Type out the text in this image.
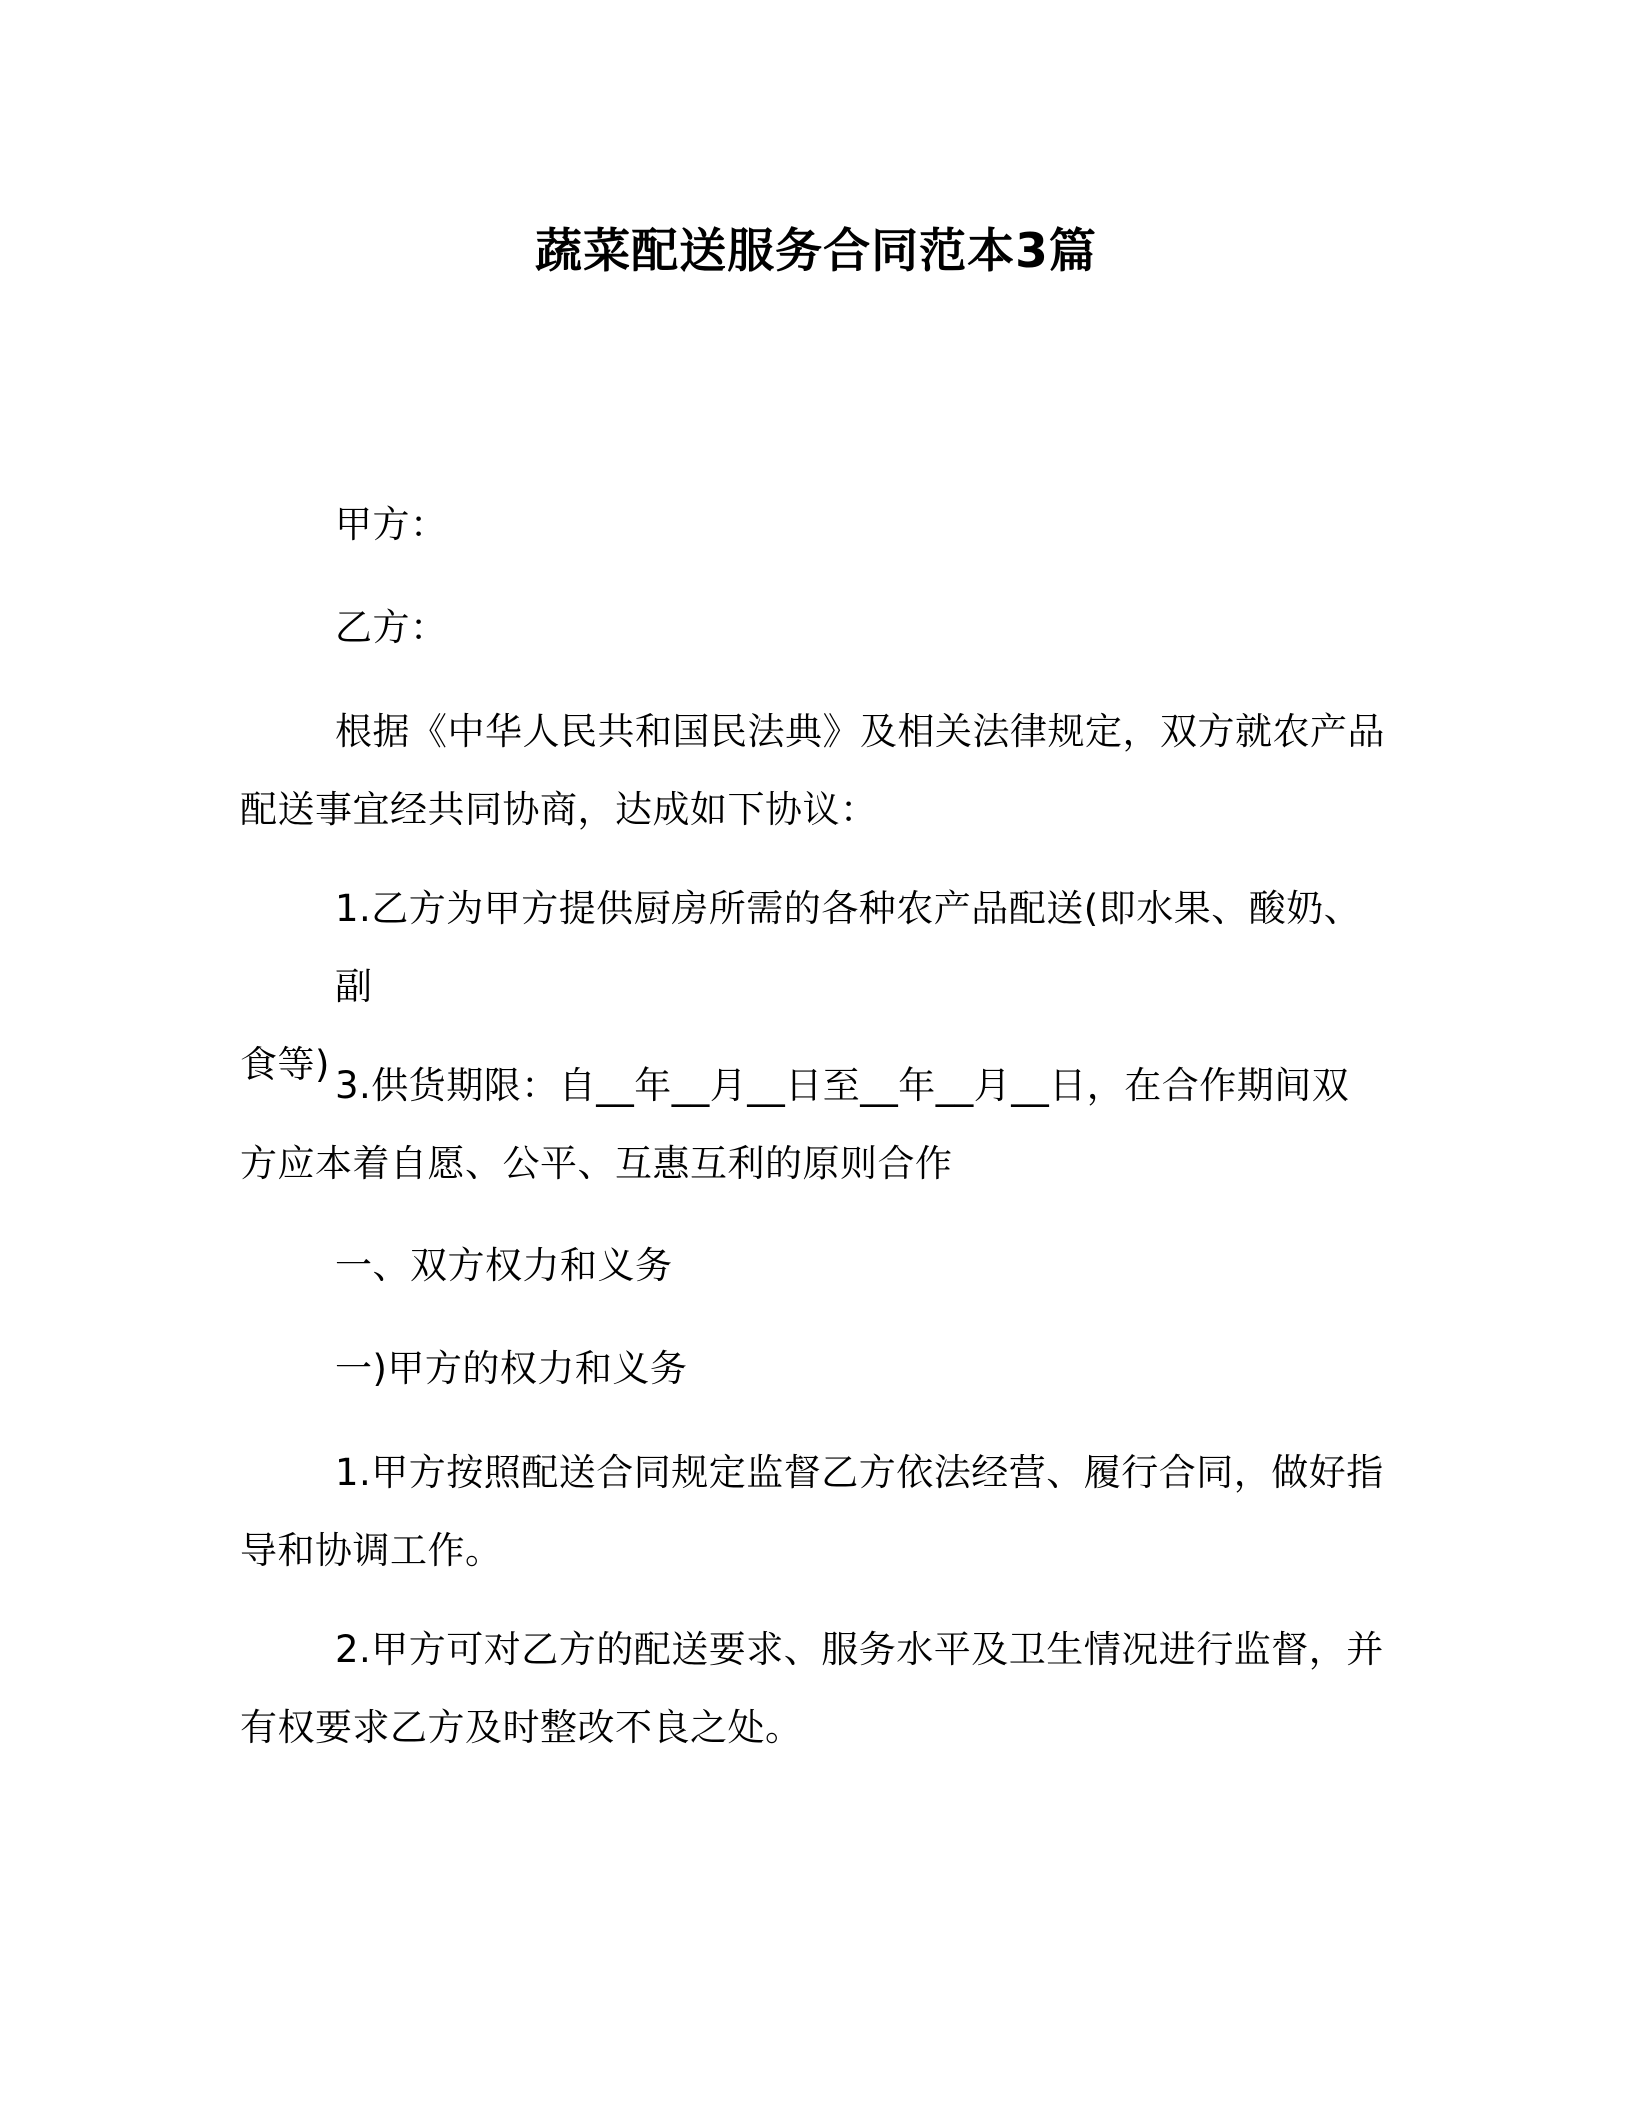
蔬菜配送服务合同范本3篇
甲方：
乙方：
根据《中华人民共和国民法典》及相关法律规定，双方就农产品
配送事宜经共同协商，达成如下协议：
1.乙方为甲方提供厨房所需的各种农产品配送(即水果、酸奶、副
食等) 3.供货期限：自__年__月__日至__年__月__日，在合作期间双
方应本着自愿、公平、互惠互利的原则合作
一、双方权力和义务
一)甲方的权力和义务
1.甲方按照配送合同规定监督乙方依法经营、履行合同，做好指
导和协调工作。
2.甲方可对乙方的配送要求、服务水平及卫生情况进行监督，并
有权要求乙方及时整改不良之处。
